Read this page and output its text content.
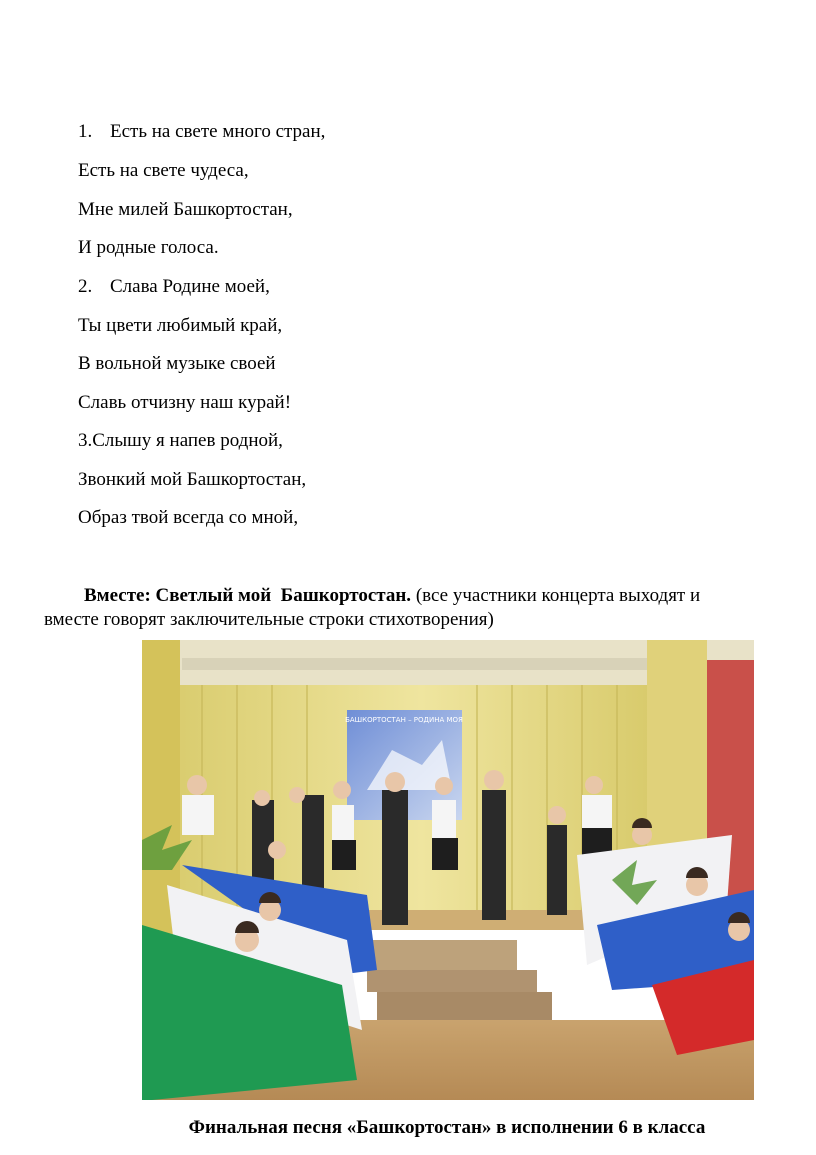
1. Есть на свете много стран,
Есть на свете чудеса,
Мне милей Башкортостан,
И родные голоса.
2. Слава Родине моей,
Ты цвети любимый край,
В вольной музыке своей
Славь отчизну наш курай!
3.Слышу я напев родной,
Звонкий мой Башкортостан,
Образ твой всегда со мной,
Вместе: Светлый мой  Башкортостан. (все участники концерта выходят и
вместе говорят заключительные строки стихотворения)
БАШКОРТОСТАН – РОДИНА МОЯ
Финальная песня «Башкортостан» в исполнении 6 в класса
